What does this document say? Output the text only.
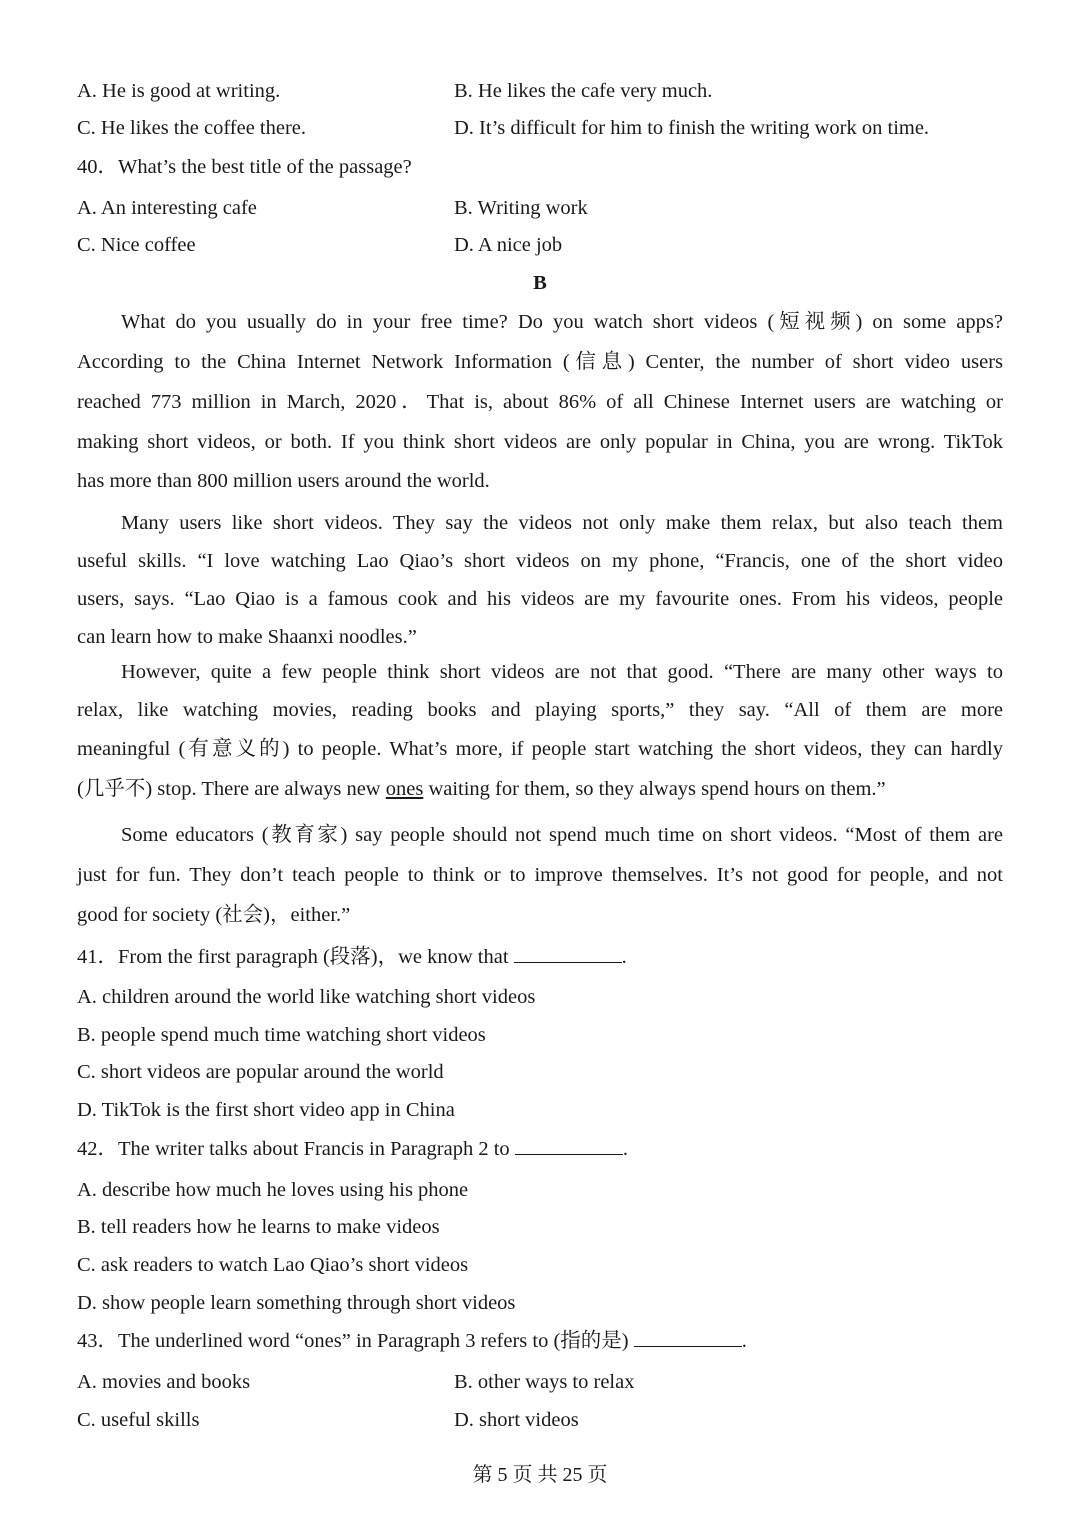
A. He is good at writing.	B. He likes the cafe very much.
C. He likes the coffee there.	D. It’s difficult for him to finish the writing work on time.
40．What’s the best title of the passage?
A. An interesting cafe	B. Writing work
C. Nice coffee	D. A nice job
B
What do you usually do in your free time? Do you watch short videos (短视频) on some apps?
According to the China Internet Network Information (信息) Center, the number of short video users
reached 773 million in March, 2020．That is, about 86% of all Chinese Internet users are watching or
making short videos, or both. If you think short videos are only popular in China, you are wrong. TikTok
has more than 800 million users around the world.
Many users like short videos. They say the videos not only make them relax, but also teach them
useful skills. “I love watching Lao Qiao’s short videos on my phone, “Francis, one of the short video
users, says. “Lao Qiao is a famous cook and his videos are my favourite ones. From his videos, people
can learn how to make Shaanxi noodles.”
However, quite a few people think short videos are not that good. “There are many other ways to
relax, like watching movies, reading books and playing sports,” they say. “All of them are more
meaningful (有意义的) to people. What’s more, if people start watching the short videos, they can hardly
(几乎不) stop. There are always new ones waiting for them, so they always spend hours on them.”
Some educators (教育家) say people should not spend much time on short videos. “Most of them are
just for fun. They don’t teach people to think or to improve themselves. It’s not good for people, and not
good for society (社会)，either.”
41．From the first paragraph (段落)，we know that	.
A. children around the world like watching short videos
B. people spend much time watching short videos
C. short videos are popular around the world
D. TikTok is the first short video app in China
42．The writer talks about Francis in Paragraph 2 to	.
A. describe how much he loves using his phone
B. tell readers how he learns to make videos
C. ask readers to watch Lao Qiao’s short videos
D. show people learn something through short videos
43．The underlined word “ones” in Paragraph 3 refers to (指的是)	.
A. movies and books	B. other ways to relax
C. useful skills	D. short videos
第 5 页 共 25 页
